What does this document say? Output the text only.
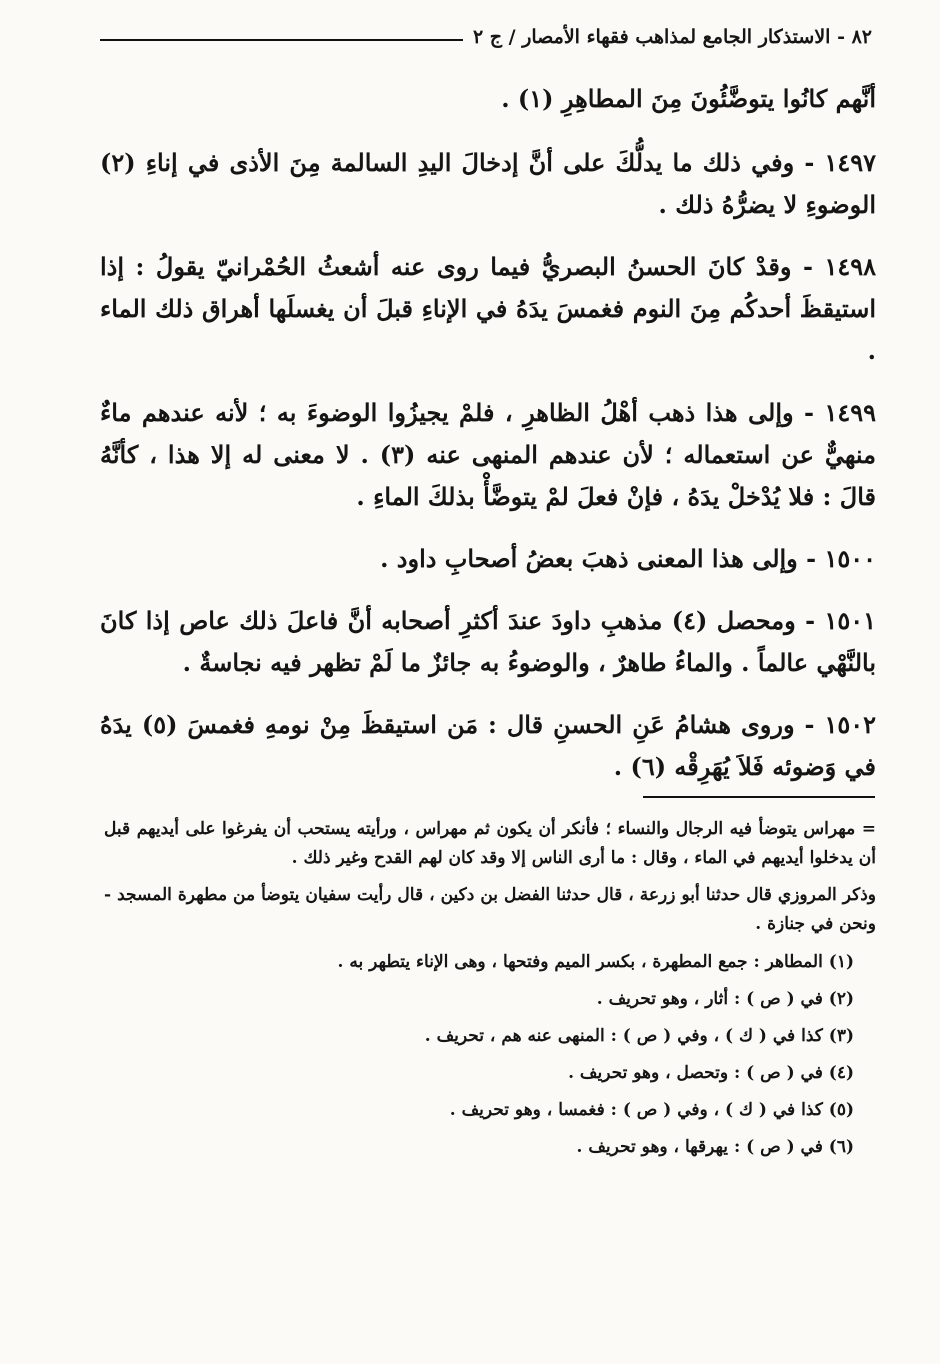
٨٢ - الاستذكار الجامع لمذاهب فقهاء الأمصار / ج ٢

أنَّهم كانُوا يتوضَّئُونَ مِنَ المطاهِرِ (١) .

١٤٩٧ - وفي ذلك ما يدلُّكَ على أنَّ إدخالَ اليدِ السالمة مِنَ الأذى في إناءِ (٢) الوضوءِ لا يضرُّهُ ذلك .

١٤٩٨ - وقدْ كانَ الحسنُ البصريُّ فيما روى عنه أشعثُ الحُمْرانيّ يقولُ : إذا استيقظَ أحدكُم مِنَ النوم فغمسَ يدَهُ في الإناءِ قبلَ أن يغسلَها أهراق ذلك الماء .

١٤٩٩ - وإلى هذا ذهب أهْلُ الظاهرِ ، فلمْ يجيزُوا الوضوءَ به ؛ لأنه عندهم ماءٌ منهيٌّ عن استعماله ؛ لأن عندهم المنهى عنه (٣) . لا معنى له إلا هذا ، كأنَّهُ قالَ : فلا يُدْخلْ يدَهُ ، فإنْ فعلَ لمْ يتوضَّأْ بذلكَ الماءِ .

١٥٠٠ - وإلى هذا المعنى ذهبَ بعضُ أصحابِ داود .

١٥٠١ - ومحصل (٤) مذهبِ داودَ عندَ أكثرِ أصحابه أنَّ فاعلَ ذلك عاص إذا كانَ بالنَّهْي عالماً . والماءُ طاهرٌ ، والوضوءُ به جائزٌ ما لَمْ تظهر فيه نجاسةٌ .

١٥٠٢ - وروى هشامُ عَنِ الحسنِ قال : مَن استيقظَ مِنْ نومهِ فغمسَ (٥) يدَهُ في وَضوئه فَلاَ يُهَرِقْه (٦) .

= مهراس يتوضأ فيه الرجال والنساء ؛ فأنكر أن يكون ثم مهراس ، ورأيته يستحب أن يفرغوا على أيديهم قبل أن يدخلوا أيديهم في الماء ، وقال : ما أرى الناس إلا وقد كان لهم القدح وغير ذلك .

وذكر المروزي قال حدثنا أبو زرعة ، قال حدثنا الفضل بن دكين ، قال رأيت سفيان يتوضأ من مطهرة المسجد - ونحن في جنازة .

(١) المطاهر : جمع المطهرة ، بكسر الميم وفتحها ، وهى الإناء يتطهر به .
(٢) في ( ص ) : أثار ، وهو تحريف .
(٣) كذا في ( ك ) ، وفي ( ص ) : المنهى عنه هم ، تحريف .
(٤) في ( ص ) : وتحصل ، وهو تحريف .
(٥) كذا في ( ك ) ، وفي ( ص ) : فغمسا ، وهو تحريف .
(٦) في ( ص ) : يهرقها ، وهو تحريف .
